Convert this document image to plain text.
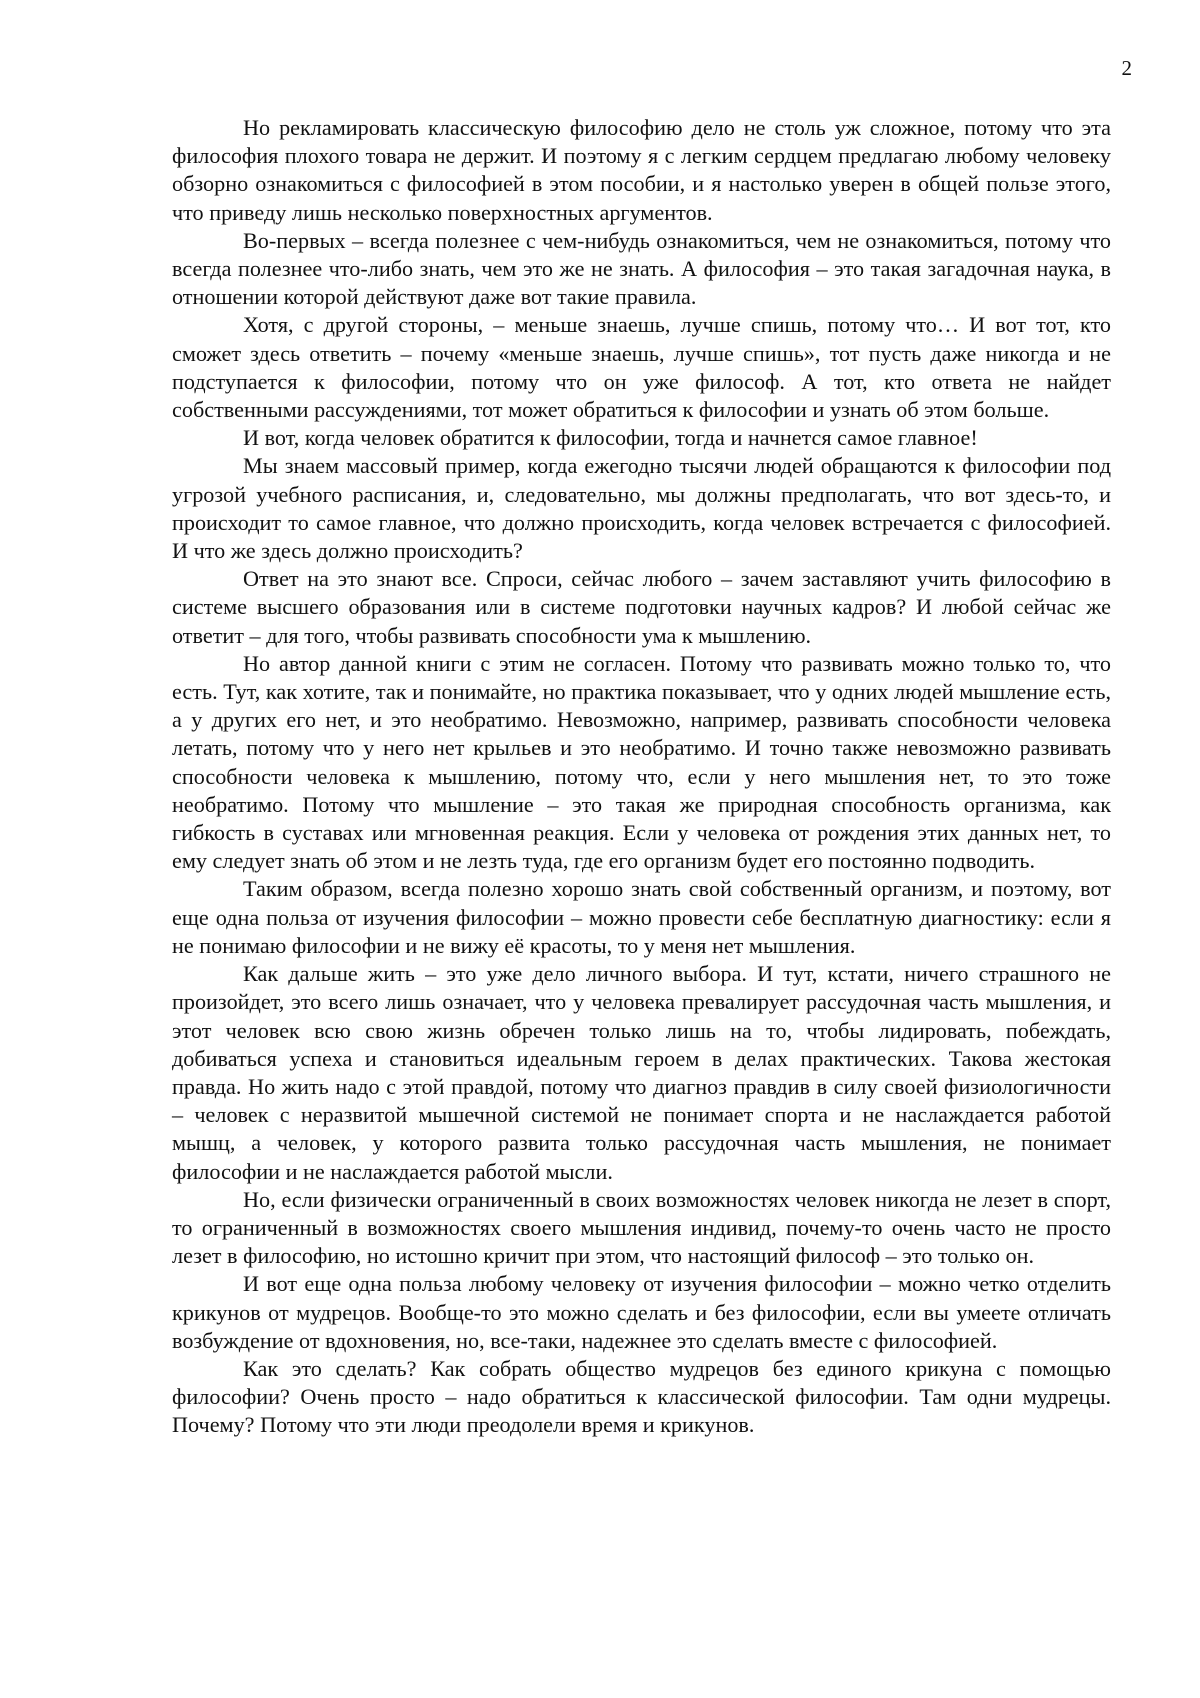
2

Но рекламировать классическую философию дело не столь уж сложное, потому что эта философия плохого товара не держит. И поэтому я с легким сердцем предлагаю любому человеку обзорно ознакомиться с философией в этом пособии, и я настолько уверен в общей пользе этого, что приведу лишь несколько поверхностных аргументов.

Во-первых – всегда полезнее с чем-нибудь ознакомиться, чем не ознакомиться, потому что всегда полезнее что-либо знать, чем это же не знать. А философия – это такая загадочная наука, в отношении которой действуют даже вот такие правила.

Хотя, с другой стороны, – меньше знаешь, лучше спишь, потому что… И вот тот, кто сможет здесь ответить – почему «меньше знаешь, лучше спишь», тот пусть даже никогда и не подступается к философии, потому что он уже философ. А тот, кто ответа не найдет собственными рассуждениями, тот может обратиться к философии и узнать об этом больше.

И вот, когда человек обратится к философии, тогда и начнется самое главное!

Мы знаем массовый пример, когда ежегодно тысячи людей обращаются к философии под угрозой учебного расписания, и, следовательно, мы должны предполагать, что вот здесь-то, и происходит то самое главное, что должно происходить, когда человек встречается с философией. И что же здесь должно происходить?

Ответ на это знают все. Спроси, сейчас любого – зачем заставляют учить философию в системе высшего образования или в системе подготовки научных кадров? И любой сейчас же ответит – для того, чтобы развивать способности ума к мышлению.

Но автор данной книги с этим не согласен. Потому что развивать можно только то, что есть. Тут, как хотите, так и понимайте, но практика показывает, что у одних людей мышление есть, а у других его нет, и это необратимо. Невозможно, например, развивать способности человека летать, потому что у него нет крыльев и это необратимо. И точно также невозможно развивать способности человека к мышлению, потому что, если у него мышления нет, то это тоже необратимо. Потому что мышление – это такая же природная способность организма, как гибкость в суставах или мгновенная реакция. Если у человека от рождения этих данных нет, то ему следует знать об этом и не лезть туда, где его организм будет его постоянно подводить.

Таким образом, всегда полезно хорошо знать свой собственный организм, и поэтому, вот еще одна польза от изучения философии – можно провести себе бесплатную диагностику: если я не понимаю философии и не вижу её красоты, то у меня нет мышления.

Как дальше жить – это уже дело личного выбора. И тут, кстати, ничего страшного не произойдет, это всего лишь означает, что у человека превалирует рассудочная часть мышления, и этот человек всю свою жизнь обречен только лишь на то, чтобы лидировать, побеждать, добиваться успеха и становиться идеальным героем в делах практических. Такова жестокая правда. Но жить надо с этой правдой, потому что диагноз правдив в силу своей физиологичности – человек с неразвитой мышечной системой не понимает спорта и не наслаждается работой мышц, а человек, у которого развита только рассудочная часть мышления, не понимает философии и не наслаждается работой мысли.

Но, если физически ограниченный в своих возможностях человек никогда не лезет в спорт, то ограниченный в возможностях своего мышления индивид, почему-то очень часто не просто лезет в философию, но истошно кричит при этом, что настоящий философ – это только он.

И вот еще одна польза любому человеку от изучения философии – можно четко отделить крикунов от мудрецов. Вообще-то это можно сделать и без философии, если вы умеете отличать возбуждение от вдохновения, но, все-таки, надежнее это сделать вместе с философией.

Как это сделать? Как собрать общество мудрецов без единого крикуна с помощью философии? Очень просто – надо обратиться к классической философии. Там одни мудрецы. Почему? Потому что эти люди преодолели время и крикунов.
